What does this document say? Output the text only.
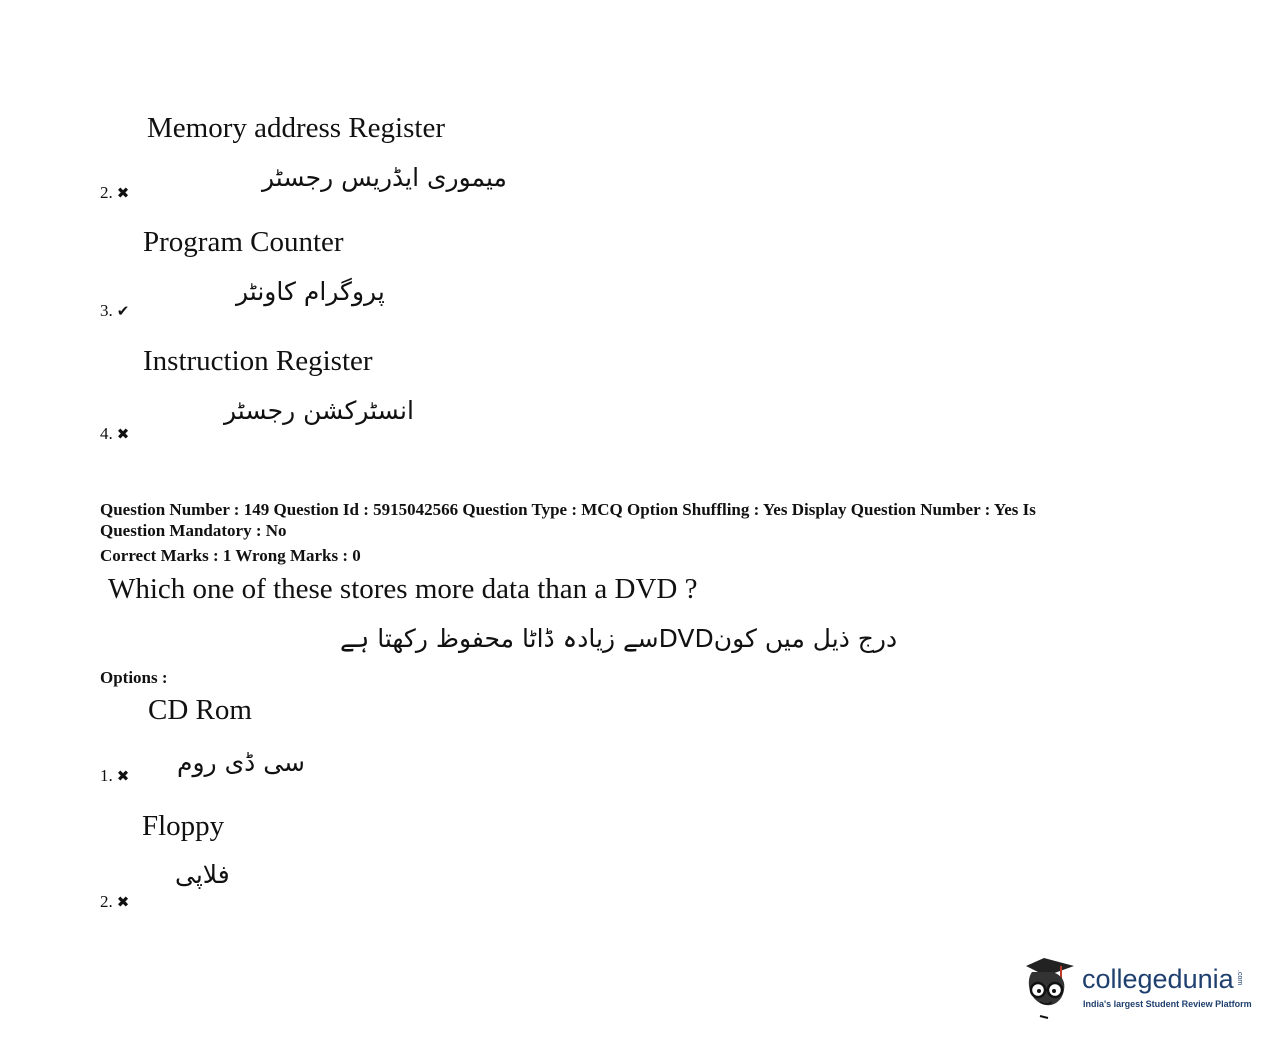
Memory address Register
میموری ایڈریس رجسٹر
2. ✖
Program Counter
پروگرام کاونٹر
3. ✔
Instruction Register
انسٹرکشن رجسٹر
4. ✖
Question Number : 149 Question Id : 5915042566 Question Type : MCQ Option Shuffling : Yes Display Question Number : Yes Is
Question Mandatory : No
Correct Marks : 1 Wrong Marks : 0
Which one of these stores more data than a DVD ?
درج ذیل میں کونDVDسے زیادہ ڈاٹا محفوظ رکھتا ہے
Options :
CD Rom
سی ڈی روم
1. ✖
Floppy
فلاپی
2. ✖
collegedunia .com
India's largest Student Review Platform
